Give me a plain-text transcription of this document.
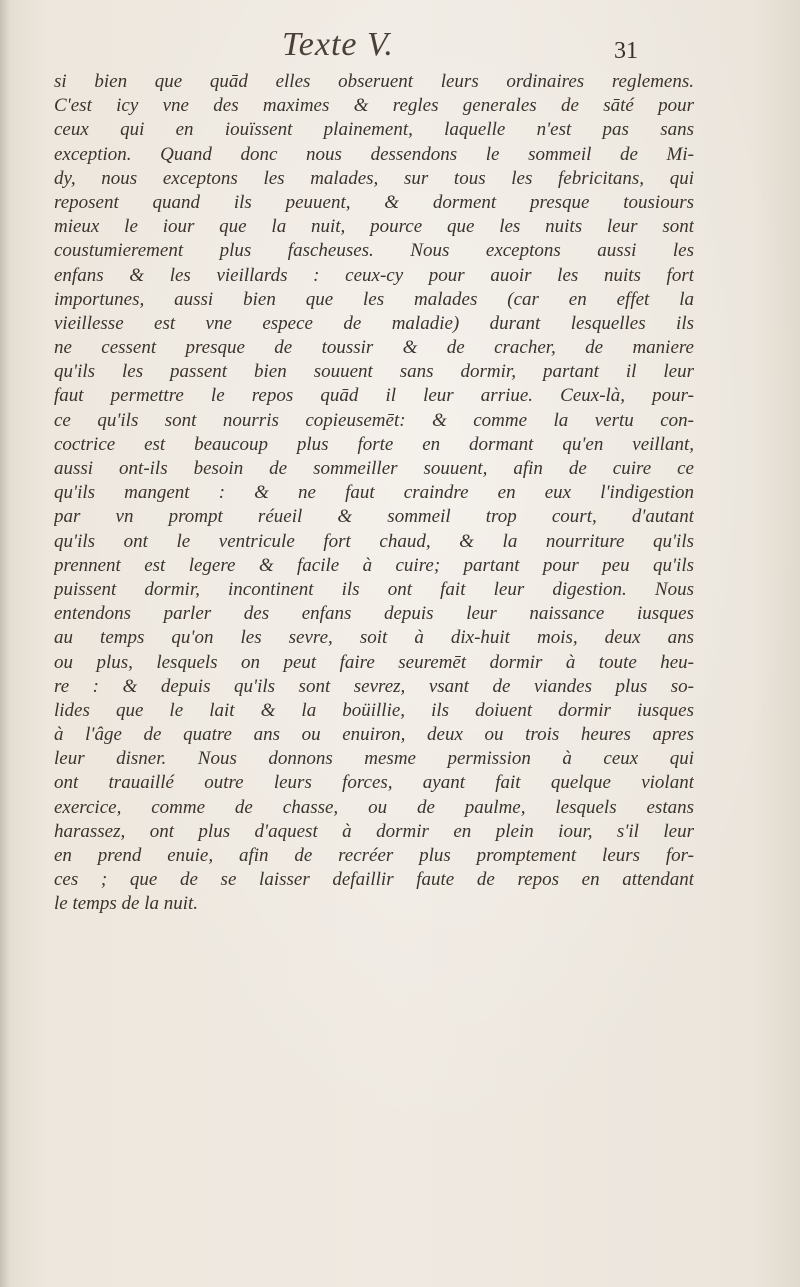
Texte V.	31
si bien que quād elles obseruent leurs ordinaires reglemens.
C'est icy vne des maximes & regles generales de sāté pour
ceux qui en iouïssent plainement, laquelle n'est pas sans
exception. Quand donc nous dessendons le sommeil de Mi-
dy, nous exceptons les malades, sur tous les febricitans, qui
reposent quand ils peuuent, & dorment presque tousiours
mieux le iour que la nuit, pource que les nuits leur sont
coustumierement plus fascheuses. Nous exceptons aussi les
enfans & les vieillards : ceux-cy pour auoir les nuits fort
importunes, aussi bien que les malades (car en effet la
vieillesse est vne espece de maladie) durant lesquelles ils
ne cessent presque de toussir & de cracher, de maniere
qu'ils les passent bien souuent sans dormir, partant il leur
faut permettre le repos quād il leur arriue. Ceux-là, pour-
ce qu'ils sont nourris copieusemēt: & comme la vertu con-
coctrice est beaucoup plus forte en dormant qu'en veillant,
aussi ont-ils besoin de sommeiller souuent, afin de cuire ce
qu'ils mangent : & ne faut craindre en eux l'indigestion
par vn prompt réueil & sommeil trop court, d'autant
qu'ils ont le ventricule fort chaud, & la nourriture qu'ils
prennent est legere & facile à cuire; partant pour peu qu'ils
puissent dormir, incontinent ils ont fait leur digestion. Nous
entendons parler des enfans depuis leur naissance iusques
au temps qu'on les sevre, soit à dix-huit mois, deux ans
ou plus, lesquels on peut faire seuremēt dormir à toute heu-
re : & depuis qu'ils sont sevrez, vsant de viandes plus so-
lides que le lait & la boüillie, ils doiuent dormir iusques
à l'âge de quatre ans ou enuiron, deux ou trois heures apres
leur disner. Nous donnons mesme permission à ceux qui
ont trauaillé outre leurs forces, ayant fait quelque violant
exercice, comme de chasse, ou de paulme, lesquels estans
harassez, ont plus d'aquest à dormir en plein iour, s'il leur
en prend enuie, afin de recréer plus promptement leurs for-
ces ; que de se laisser defaillir faute de repos en attendant
le temps de la nuit.
